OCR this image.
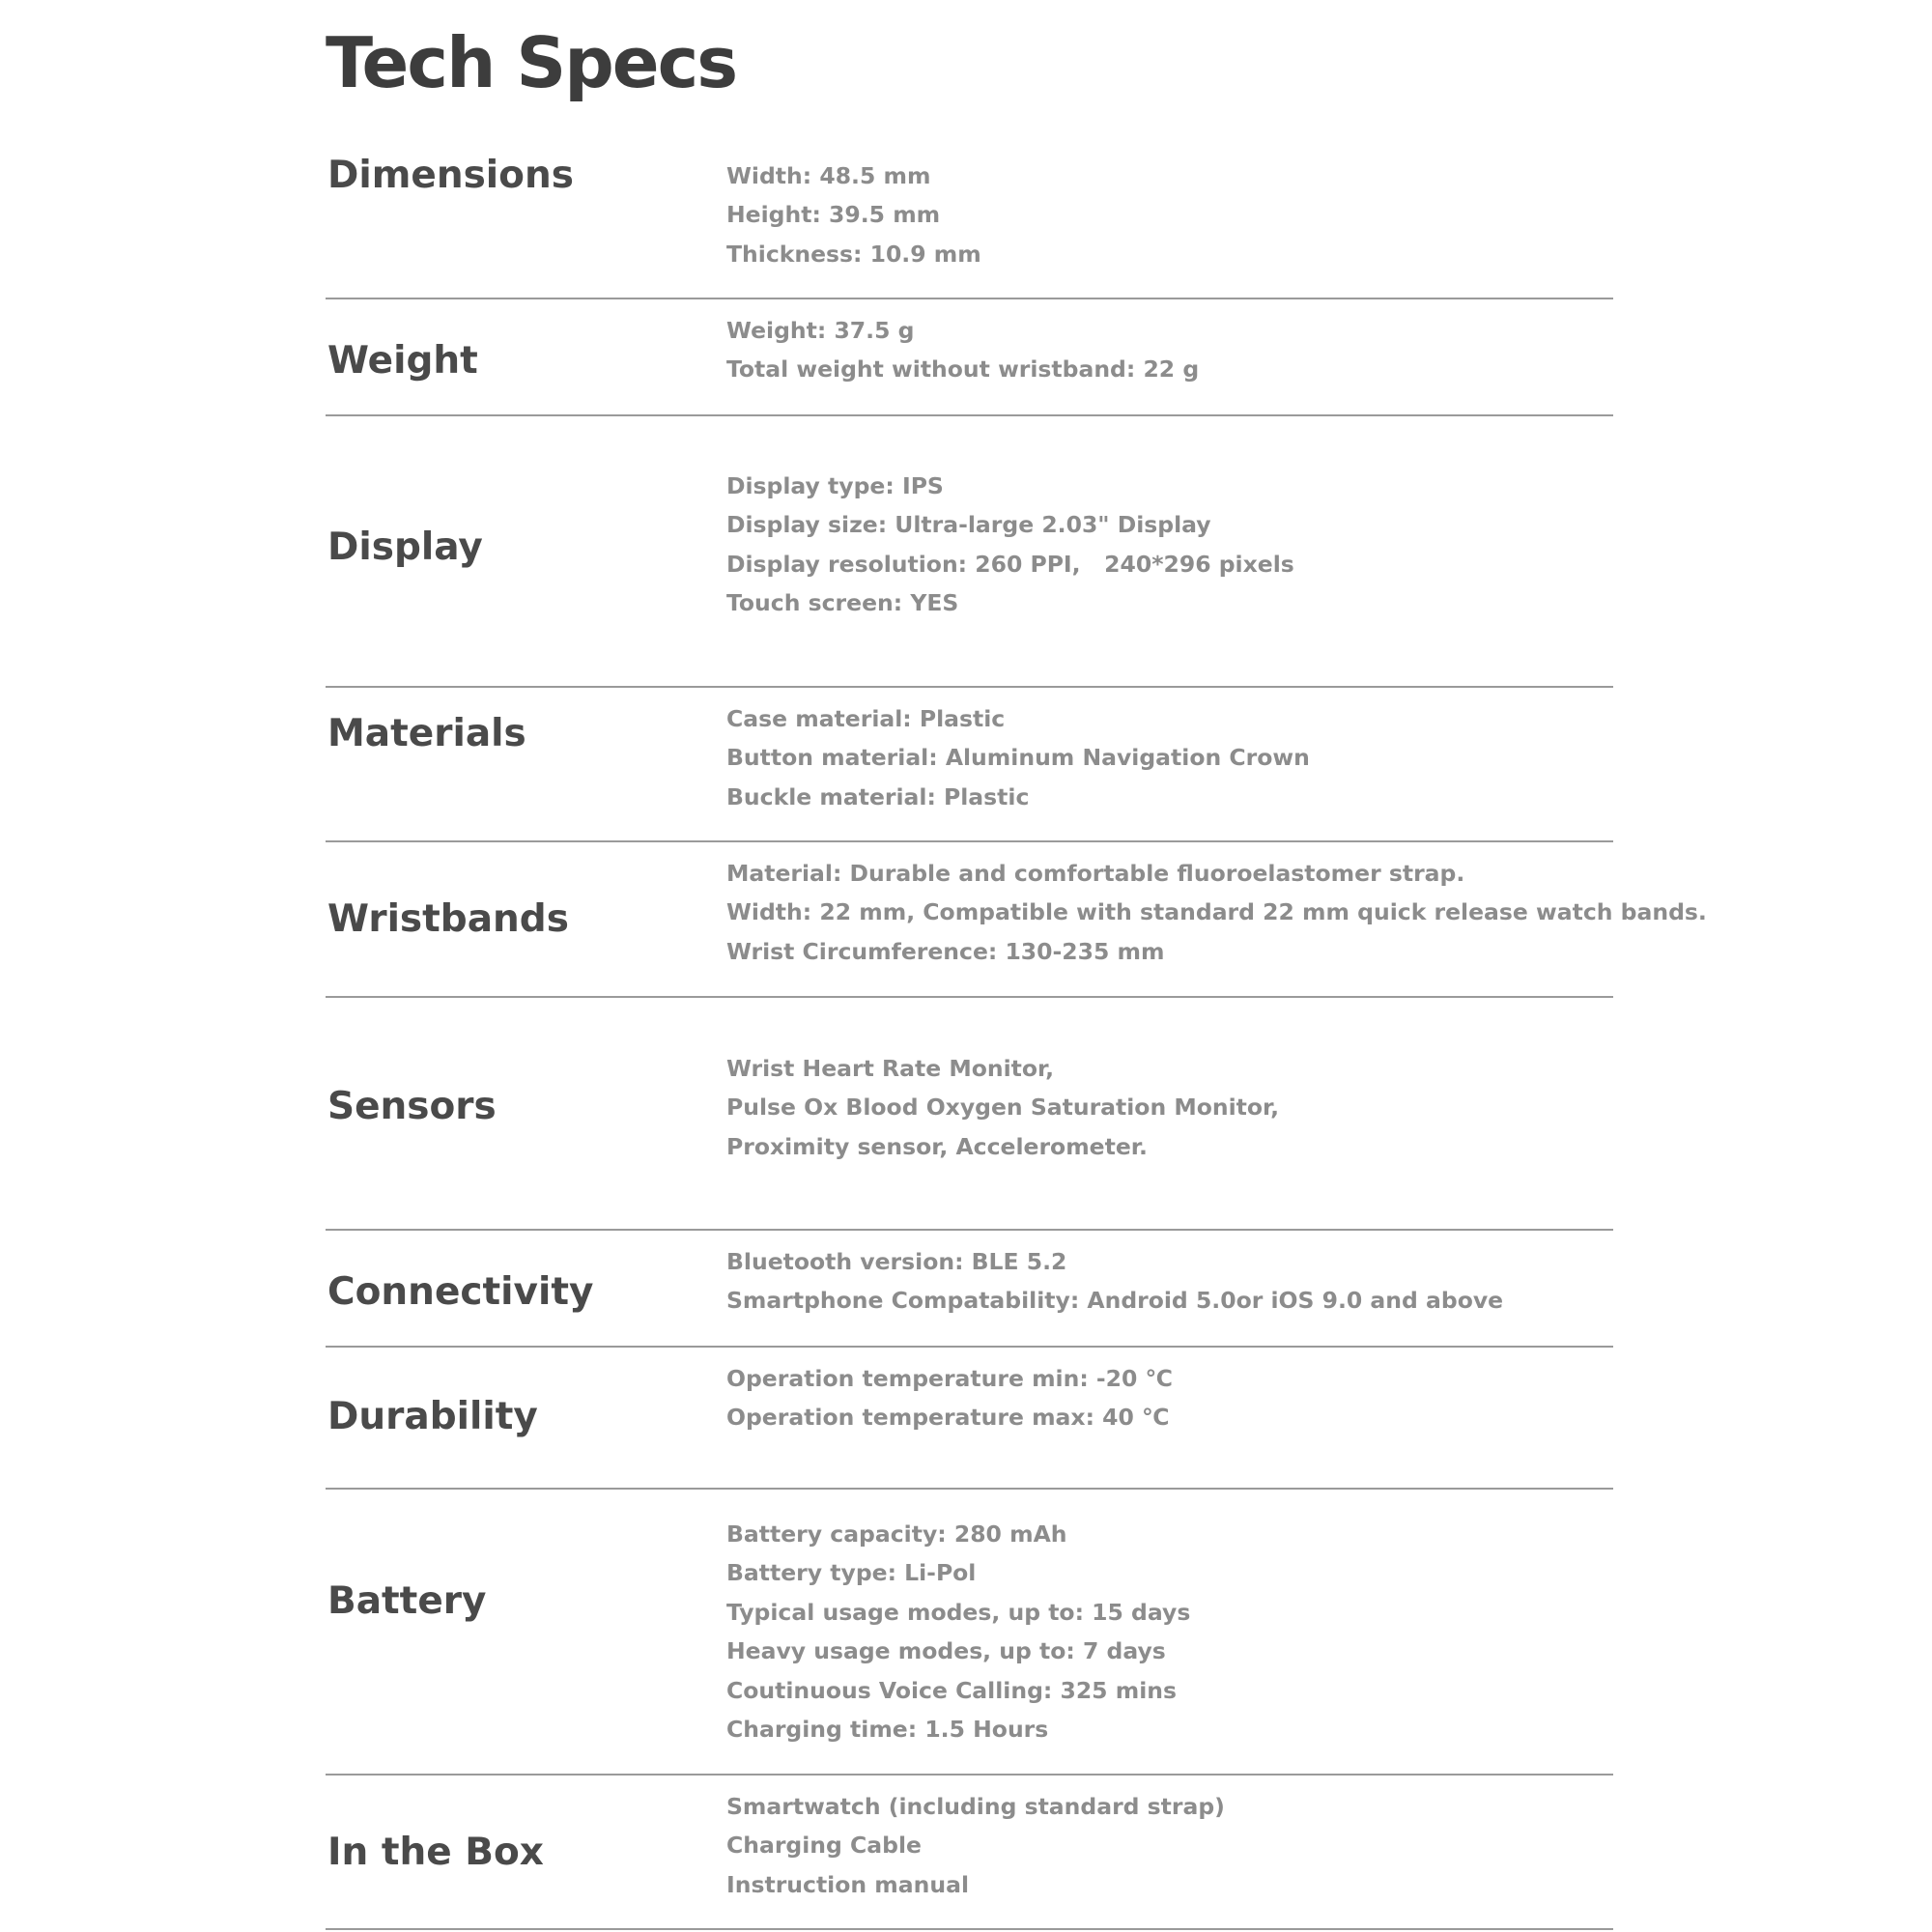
Tech Specs
Dimensions	Width: 48.5 mm
Height: 39.5 mm
Thickness: 10.9 mm
Weight
Weight: 37.5 g
Total weight without wristband: 22 g
Display
Display type: IPS
Display size: Ultra-large 2.03" Display
Display resolution: 260 PPI,   240*296 pixels
Touch screen: YES
Materials	Case material: Plastic
Button material: Aluminum Navigation Crown
Buckle material: Plastic
Wristbands
Material: Durable and comfortable fluoroelastomer strap.
Width: 22 mm, Compatible with standard 22 mm quick release watch bands.
Wrist Circumference: 130-235 mm
Sensors
Wrist Heart Rate Monitor,
Pulse Ox Blood Oxygen Saturation Monitor,
Proximity sensor, Accelerometer.
Connectivity
Bluetooth version: BLE 5.2
Smartphone Compatability: Android 5.0or iOS 9.0 and above
Durability
Operation temperature min: -20 ℃
Operation temperature max: 40 ℃
Battery
Battery capacity: 280 mAh
Battery type: Li-Pol
Typical usage modes, up to: 15 days
Heavy usage modes, up to: 7 days
Coutinuous Voice Calling: 325 mins
Charging time: 1.5 Hours
In the Box
Smartwatch (including standard strap)
Charging Cable
Instruction manual
